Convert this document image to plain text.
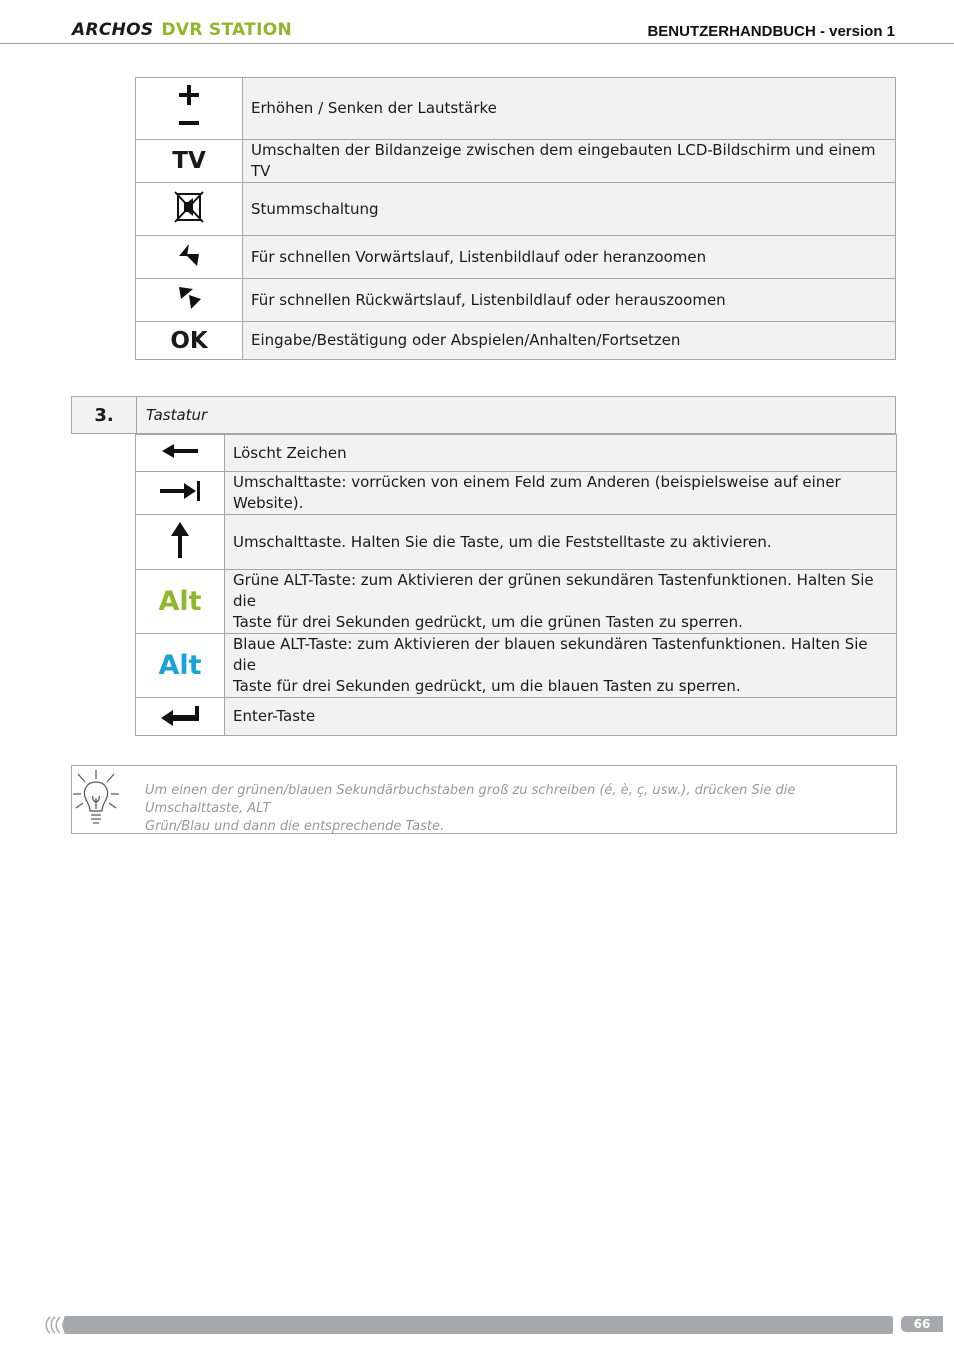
ARCHOS DVR STATION	BENUTZERHANDBUCH - version 1
	Erhöhen / Senken der Lautstärke
TV	Umschalten der Bildanzeige zwischen dem eingebauten LCD-Bildschirm und einem TV
	Stummschaltung
	Für schnellen Vorwärtslauf, Listenbildlauf oder heranzoomen
	Für schnellen Rückwärtslauf, Listenbildlauf oder herauszoomen
OK	Eingabe/Bestätigung oder Abspielen/Anhalten/Fortsetzen
3.	Tastatur
	Löscht Zeichen
	Umschalttaste: vorrücken von einem Feld zum Anderen (beispielsweise auf einer Website).
	Umschalttaste. Halten Sie die Taste, um die Feststelltaste zu aktivieren.
Alt	Grüne ALT-Taste: zum Aktivieren der grünen sekundären Tastenfunktionen. Halten Sie die
Taste für drei Sekunden gedrückt, um die grünen Tasten zu sperren.

Alt	Blaue ALT-Taste: zum Aktivieren der blauen sekundären Tastenfunktionen. Halten Sie die
Taste für drei Sekunden gedrückt, um die blauen Tasten zu sperren.

	Enter-Taste
Um einen der grünen/blauen Sekundärbuchstaben groß zu schreiben (é, è, ç, usw.), drücken Sie die Umschalttaste, ALT
Grün/Blau und dann die entsprechende Taste.
66
